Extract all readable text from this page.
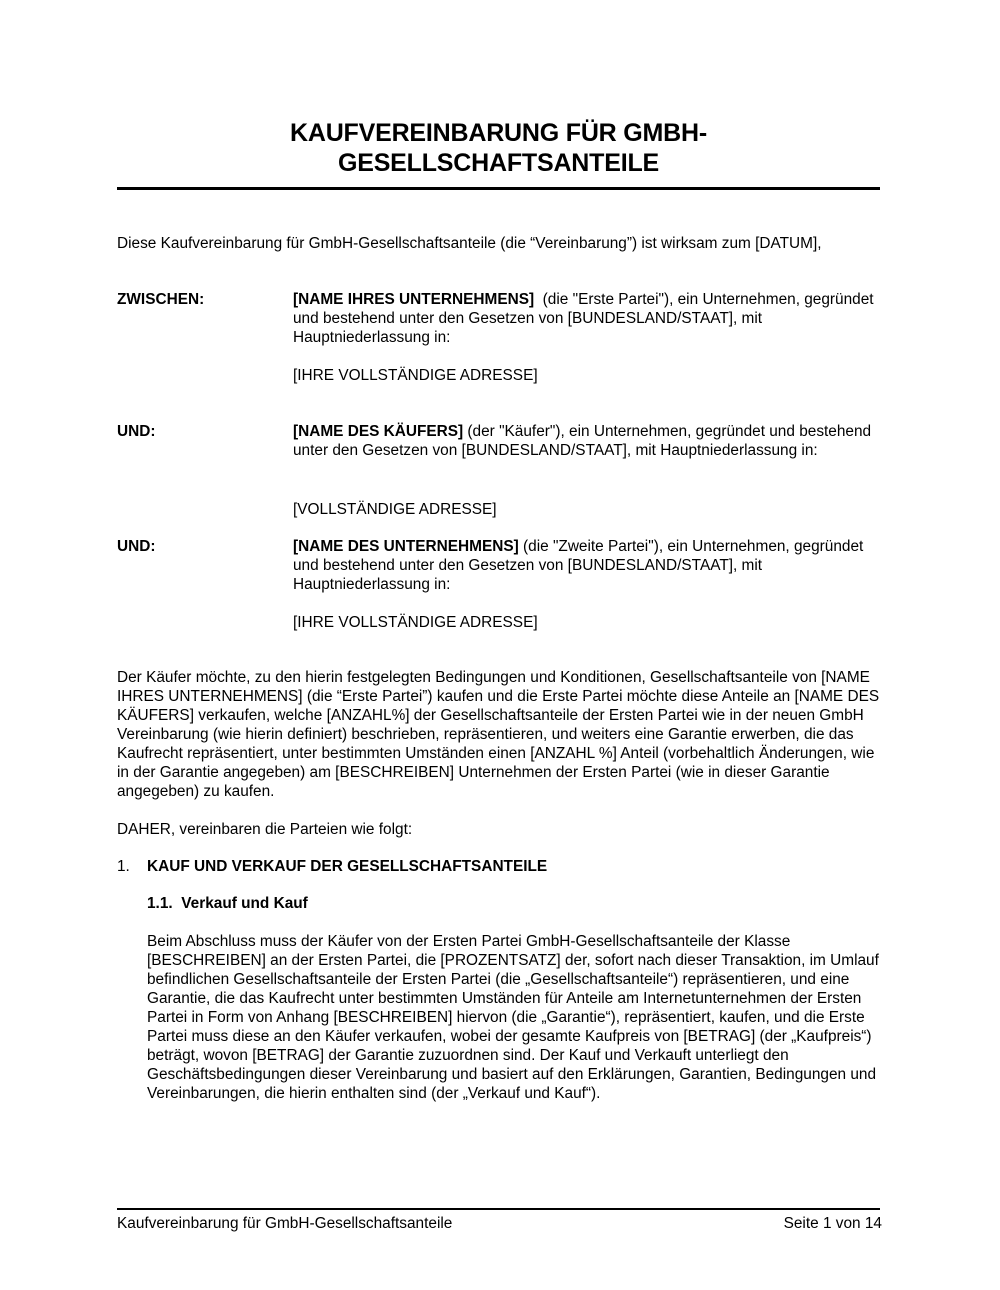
KAUFVEREINBARUNG FÜR GMBH-
GESELLSCHAFTSANTEILE
Diese Kaufvereinbarung für GmbH-Gesellschaftsanteile (die “Vereinbarung”) ist wirksam zum [DATUM],
ZWISCHEN:	[NAME IHRES UNTERNEHMENS]  (die "Erste Partei"), ein Unternehmen, gegründet und bestehend unter den Gesetzen von [BUNDESLAND/STAAT], mit Hauptniederlassung in:
[IHRE VOLLSTÄNDIGE ADRESSE]
UND:	[NAME DES KÄUFERS] (der "Käufer"), ein Unternehmen, gegründet und bestehend unter den Gesetzen von [BUNDESLAND/STAAT], mit Hauptniederlassung in:
[VOLLSTÄNDIGE ADRESSE]
UND:	[NAME DES UNTERNEHMENS] (die "Zweite Partei"), ein Unternehmen, gegründet und bestehend unter den Gesetzen von [BUNDESLAND/STAAT], mit Hauptniederlassung in:
[IHRE VOLLSTÄNDIGE ADRESSE]
Der Käufer möchte, zu den hierin festgelegten Bedingungen und Konditionen, Gesellschaftsanteile von [NAME IHRES UNTERNEHMENS] (die “Erste Partei”) kaufen und die Erste Partei möchte diese Anteile an [NAME DES KÄUFERS] verkaufen, welche [ANZAHL%] der Gesellschaftsanteile der Ersten Partei wie in der neuen GmbH Vereinbarung (wie hierin definiert) beschrieben, repräsentieren, und weiters eine Garantie erwerben, die das Kaufrecht repräsentiert, unter bestimmten Umständen einen [ANZAHL %] Anteil (vorbehaltlich Änderungen, wie in der Garantie angegeben) am [BESCHREIBEN] Unternehmen der Ersten Partei (wie in dieser Garantie angegeben) zu kaufen.
DAHER, vereinbaren die Parteien wie folgt:
1. KAUF UND VERKAUF DER GESELLSCHAFTSANTEILE
1.1. Verkauf und Kauf
Beim Abschluss muss der Käufer von der Ersten Partei GmbH-Gesellschaftsanteile der Klasse [BESCHREIBEN] an der Ersten Partei, die [PROZENTSATZ] der, sofort nach dieser Transaktion, im Umlauf befindlichen Gesellschaftsanteile der Ersten Partei (die „Gesellschaftsanteile“) repräsentieren, und eine Garantie, die das Kaufrecht unter bestimmten Umständen für Anteile am Internetunternehmen der Ersten Partei in Form von Anhang [BESCHREIBEN] hiervon (die „Garantie“), repräsentiert, kaufen, und die Erste Partei muss diese an den Käufer verkaufen, wobei der gesamte Kaufpreis von [BETRAG] (der „Kaufpreis“) beträgt, wovon [BETRAG] der Garantie zuzuordnen sind. Der Kauf und Verkauft unterliegt den Geschäftsbedingungen dieser Vereinbarung und basiert auf den Erklärungen, Garantien, Bedingungen und Vereinbarungen, die hierin enthalten sind (der „Verkauf und Kauf“).
Kaufvereinbarung für GmbH-Gesellschaftsanteile	Seite 1 von 14
